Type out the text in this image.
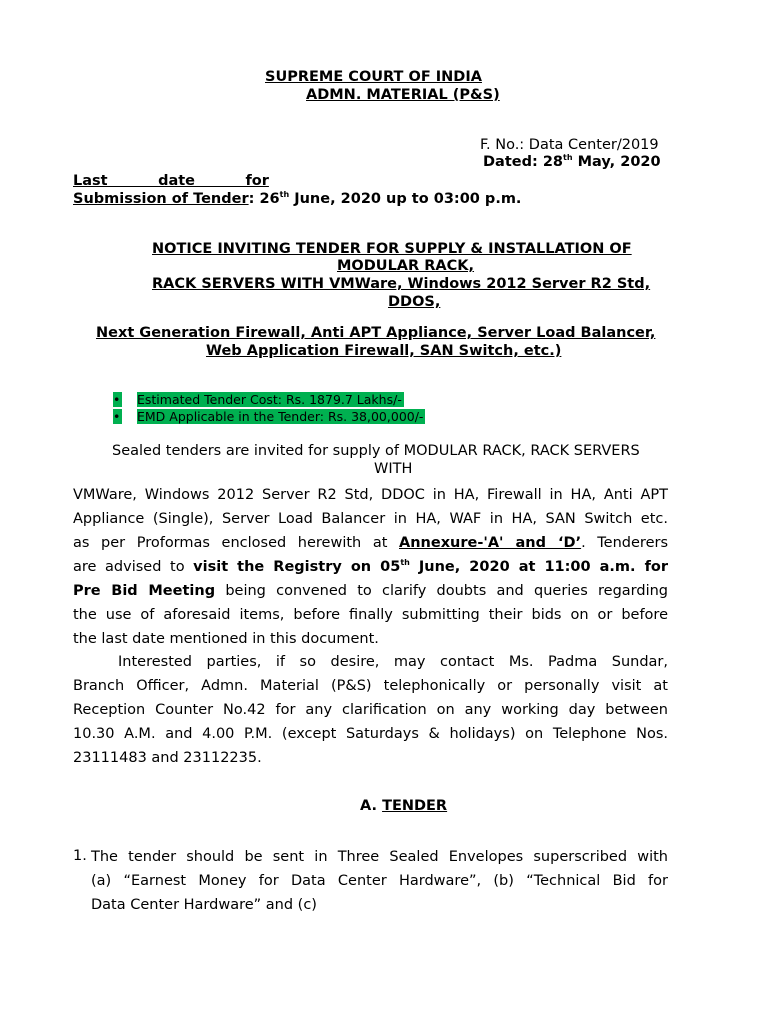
SUPREME COURT OF INDIA
ADMN. MATERIAL (P&S)
F. No.: Data Center/2019
Dated: 28th May, 2020
Last          date          for
Submission of Tender: 26th June, 2020 up to 03:00 p.m.
NOTICE INVITING TENDER FOR SUPPLY & INSTALLATION OF
MODULAR RACK,
RACK SERVERS WITH VMWare, Windows 2012 Server R2 Std,
DDOS,
Next Generation Firewall, Anti APT Appliance, Server Load Balancer,
Web Application Firewall, SAN Switch, etc.)
• Estimated Tender Cost: Rs. 1879.7 Lakhs/-
• EMD Applicable in the Tender: Rs. 38,00,000/-
Sealed tenders are invited for supply of MODULAR RACK, RACK SERVERS
WITH
VMWare, Windows 2012 Server R2 Std, DDOC in HA, Firewall in HA, Anti APT
Appliance (Single), Server Load Balancer in HA, WAF in HA, SAN Switch etc.
as per Proformas enclosed herewith at Annexure-'A' and ‘D’. Tenderers
are advised to visit the Registry on 05th June, 2020 at 11:00 a.m. for
Pre Bid Meeting being convened to clarify doubts and queries regarding
the use of aforesaid items, before finally submitting their bids on or before
the last date mentioned in this document.
Interested parties, if so desire, may contact Ms. Padma Sundar,
Branch Officer, Admn. Material (P&S) telephonically or personally visit at
Reception Counter No.42 for any clarification on any working day between
10.30 A.M. and 4.00 P.M. (except Saturdays & holidays) on Telephone Nos.
23111483 and 23112235.
A. TENDER
1. The tender should be sent in Three Sealed Envelopes superscribed with
(a) “Earnest Money for Data Center Hardware”, (b) “Technical Bid for
Data Center Hardware” and (c)
